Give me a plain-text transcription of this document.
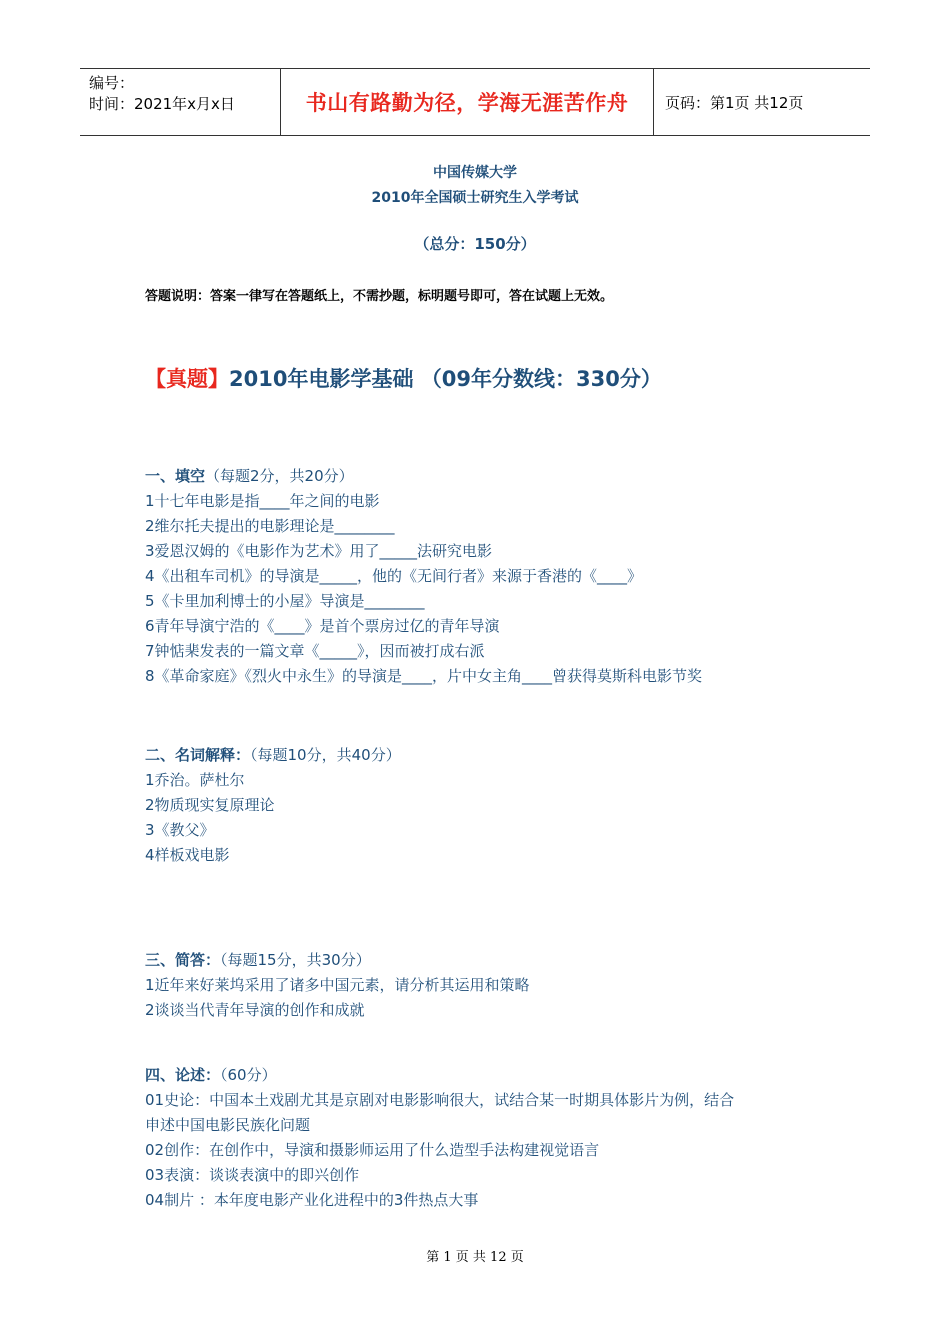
编号：
时间：2021年x月x日	书山有路勤为径，学海无涯苦作舟 页码：第1页 共12页
中国传媒大学
2010年全国硕士研究生入学考试
（总分：150分）
答题说明：答案一律写在答题纸上，不需抄题，标明题号即可，答在试题上无效。
【真题】2010年电影学基础 （09年分数线：330分）
一、填空（每题2分，共20分）
1十七年电影是指____年之间的电影
2维尔托夫提出的电影理论是________
3爱恩汉姆的《电影作为艺术》用了_____法研究电影
4《出租车司机》的导演是_____，他的《无间行者》来源于香港的《____》
5《卡里加利博士的小屋》导演是________
6青年导演宁浩的《____》是首个票房过亿的青年导演
7钟惦棐发表的一篇文章《_____》，因而被打成右派
8《革命家庭》《烈火中永生》的导演是____，片中女主角____曾获得莫斯科电影节奖
二、名词解释：（每题10分，共40分）
1乔治。萨杜尔
2物质现实复原理论
3《教父》
4样板戏电影
三、简答：（每题15分，共30分）
1近年来好莱坞采用了诸多中国元素，请分析其运用和策略
2谈谈当代青年导演的创作和成就
四、论述：（60分）
01史论：中国本土戏剧尤其是京剧对电影影响很大，试结合某一时期具体影片为例，结合
申述中国电影民族化问题
02创作：在创作中，导演和摄影师运用了什么造型手法构建视觉语言
03表演：谈谈表演中的即兴创作
04制片 ：本年度电影产业化进程中的3件热点大事
第 1 页 共 12 页
